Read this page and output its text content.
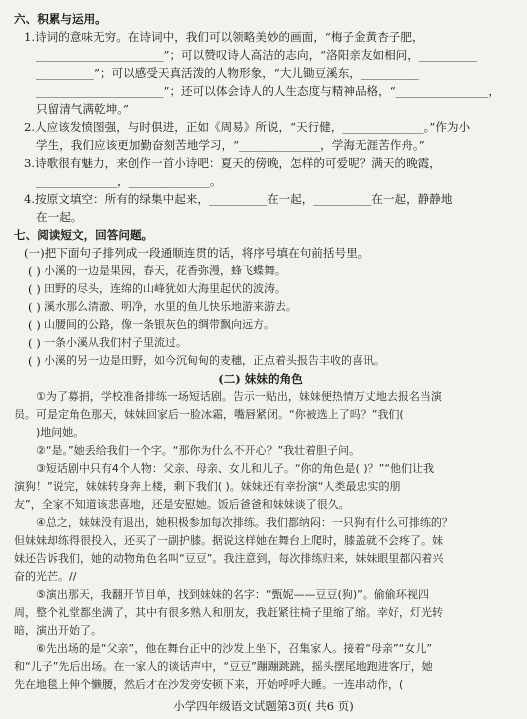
六、积累与运用。

1.诗词的意味无穷。在诗词中，我们可以领略美妙的画面，“梅子金黄杏子肥，

______________________”；可以赞叹诗人高洁的志向，“洛阳亲友如相问，__________

__________”；可以感受天真活泼的人物形象，“大儿锄豆溪东，__________

______________________”；还可以体会诗人的人生态度与精神品格，“________________，

只留清气满乾坤。”

2.人应该发愤图强，与时俱进，正如《周易》所说，“天行健，______________。”作为小

学生，我们应该更加勤奋刻苦地学习，“______________，学海无涯苦作舟。”

3.诗歌很有魅力，来创作一首小诗吧：夏天的傍晚，怎样的可爱呢？满天的晚霞，

______________，______________。

4.按原文填空：所有的绿集中起来，__________在一起，__________在一起，静静地

在一起。

七、阅读短文，回答问题。

(一)把下面句子排列成一段通顺连贯的话，将序号填在句前括号里。

( ) 小溪的一边是果园，春天，花香弥漫，蜂飞蝶舞。
( ) 田野的尽头，连绵的山峰犹如大海里起伏的波涛。
( ) 溪水那么清澈、明净，水里的鱼儿快乐地游来游去。
( ) 山腰间的公路，像一条银灰色的绸带飘向远方。
( ) 一条小溪从我们村子里流过。
( ) 小溪的另一边是田野，如今沉甸甸的麦穗，正点着头报告丰收的喜讯。

(二) 妹妹的角色

①为了募捐，学校准备排练一场短话剧。告示一贴出，妹妹便热情万丈地去报名当演

员。可是定角色那天，妹妹回家后一脸冰霜，嘴唇紧闭。“你被选上了吗？”我们(

)地问她。

②“是。”她丢给我们一个字。“那你为什么不开心？”我壮着胆子问。

③短话剧中只有4个人物：父亲、母亲、女儿和儿子。“你的角色是( )？”“他们让我

演狗！”说完，妹妹转身奔上楼，剩下我们( )。妹妹还有幸扮演“人类最忠实的朋

友”，全家不知道该悲喜地，还是安慰她。饭后爸爸和妹妹谈了很久。

④总之，妹妹没有退出，她积极参加每次排练。我们都纳闷：一只狗有什么可排练的？

但妹妹却练得很投入，还买了一副护膝。据说这样她在舞台上爬时，膝盖就不会疼了。妹

妹还告诉我们，她的动物角色名叫“豆豆”。我注意到，每次排练归来，妹妹眼里都闪着兴

奋的光芒。//

⑤演出那天，我翻开节目单，找到妹妹的名字：“甄妮——豆豆(狗)”。偷偷环视四

周，整个礼堂都坐满了，其中有很多熟人和朋友，我赶紧往椅子里缩了缩。幸好，灯光转

暗，演出开始了。

⑥先出场的是“父亲”，他在舞台正中的沙发上坐下，召集家人。接着“母亲”“女儿”

和“儿子”先后出场。在一家人的谈话声中，“豆豆”蹦蹦跳跳，摇头摆尾地跑进客厅，她

先在地毯上伸个懒腰，然后才在沙发旁安顿下来，开始呼呼大睡。一连串动作，(

小学四年级语文试题第3页( 共6 页)
